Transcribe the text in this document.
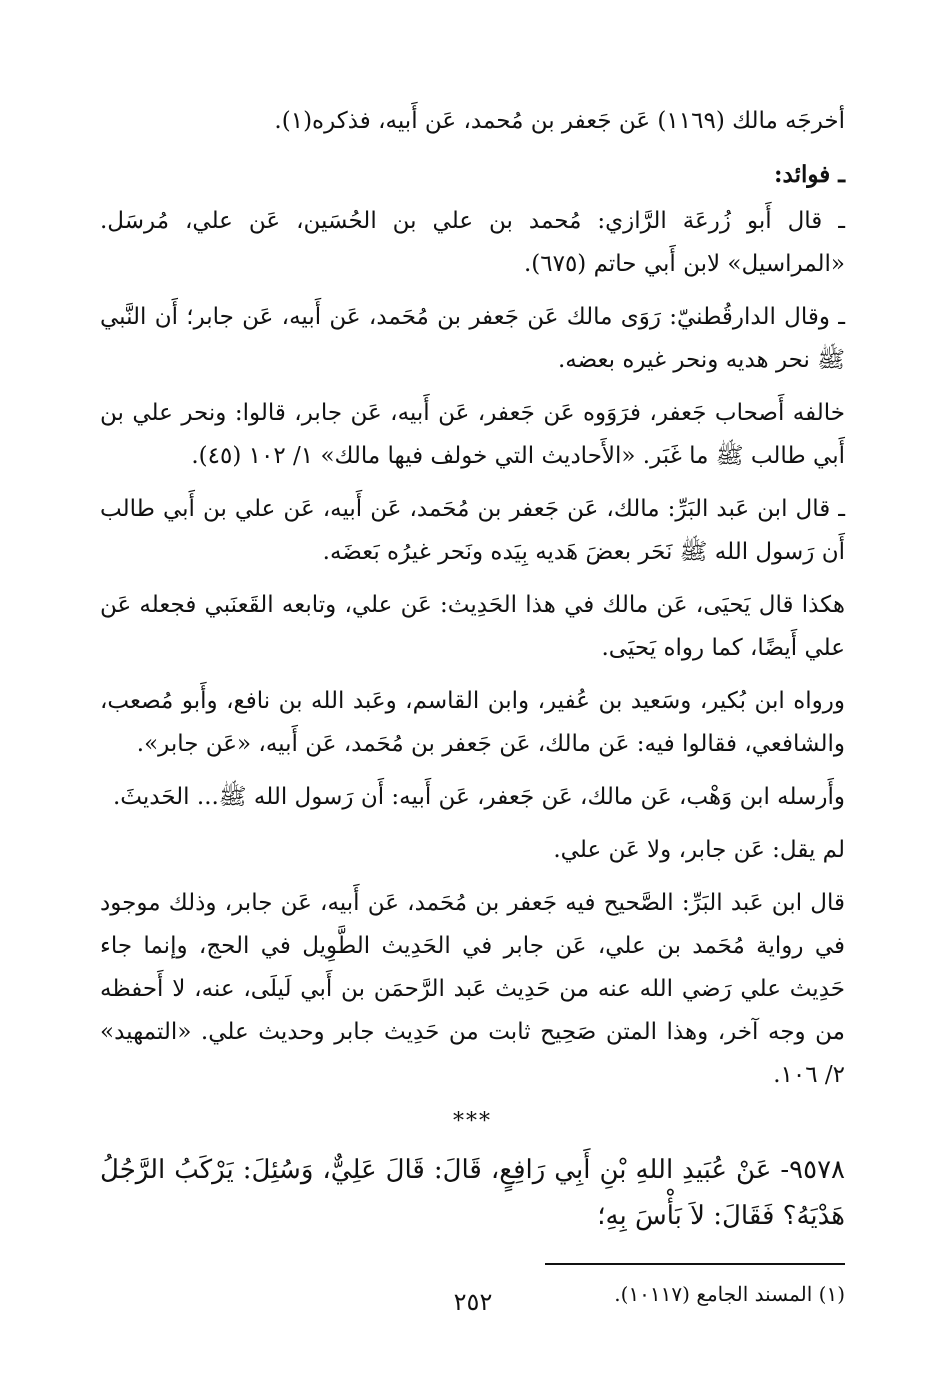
أخرجَه مالك (١١٦٩) عَن جَعفر بن مُحمد، عَن أَبيه، فذكره(١).

ـ فوائد:

ـ قال أَبو زُرعَة الرَّازي: مُحمد بن علي بن الحُسَين، عَن علي، مُرسَل. «المراسيل» لابن أَبي حاتم (٦٧٥).

ـ وقال الدارقُطنيّ: رَوَى مالك عَن جَعفر بن مُحَمد، عَن أَبيه، عَن جابر؛ أَن النَّبي ﷺ نحر هديه ونحر غيره بعضه.

خالفه أَصحاب جَعفر، فرَوَوه عَن جَعفر، عَن أَبيه، عَن جابر، قالوا: ونحر علي بن أَبي طالب ﷺ ما غَبَر. «الأَحاديث التي خولف فيها مالك» ١/ ١٠٢ (٤٥).

ـ قال ابن عَبد البَرِّ: مالك، عَن جَعفر بن مُحَمد، عَن أَبيه، عَن علي بن أَبي طالب أَن رَسول الله ﷺ نَحَر بعضَ هَديه بِيَده ونَحر غيرُه بَعضَه.

هكذا قال يَحيَى، عَن مالك في هذا الحَدِيث: عَن علي، وتابعه القَعنَبي فجعله عَن علي أَيضًا، كما رواه يَحيَى.

ورواه ابن بُكير، وسَعيد بن عُفير، وابن القاسم، وعَبد الله بن نافع، وأَبو مُصعب، والشافعي، فقالوا فيه: عَن مالك، عَن جَعفر بن مُحَمد، عَن أَبيه، «عَن جابر».

وأَرسله ابن وَهْب، عَن مالك، عَن جَعفر، عَن أَبيه: أَن رَسول الله ﷺ... الحَديثَ.

لم يقل: عَن جابر، ولا عَن علي.

قال ابن عَبد البَرِّ: الصَّحيح فيه جَعفر بن مُحَمد، عَن أَبيه، عَن جابر، وذلك موجود في رواية مُحَمد بن علي، عَن جابر في الحَدِيث الطَّوِيل في الحج، وإنما جاء حَدِيث علي رَضي الله عنه من حَدِيث عَبد الرَّحمَن بن أَبي لَيلَى، عنه، لا أَحفظه من وجه آخر، وهذا المتن صَحِيح ثابت من حَدِيث جابر وحديث علي. «التمهيد» ٢/ ١٠٦.

***

٩٥٧٨- عَنْ عُبَيدِ اللهِ بْنِ أَبِي رَافِعٍ، قَالَ: قَالَ عَلِيٌّ، وَسُئِلَ: يَرْكَبُ الرَّجُلُ هَدْيَهُ؟ فَقَالَ: لاَ بَأْسَ بِهِ؛

(١) المسند الجامع (١٠١١٧).

٢٥٢
